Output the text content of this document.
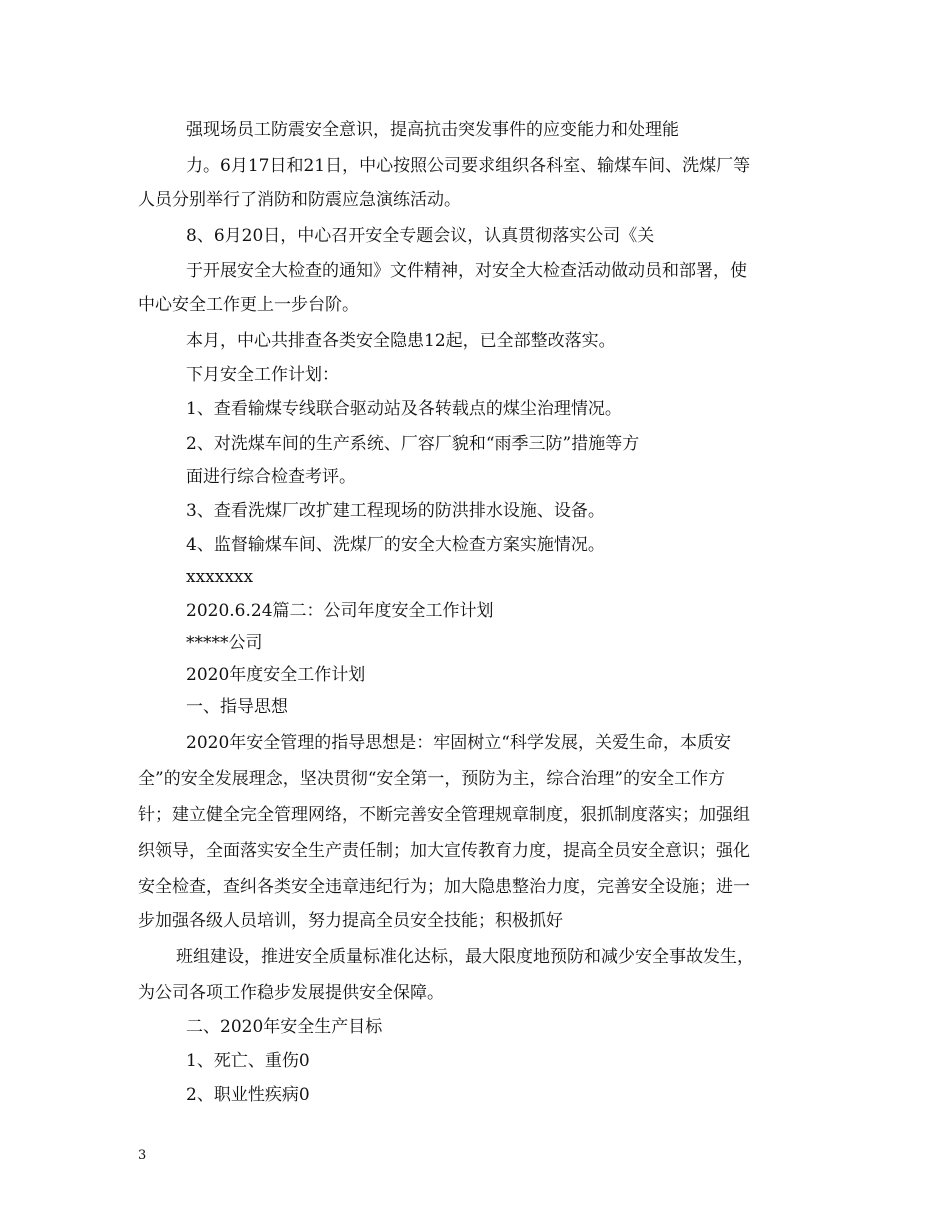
强现场员工防震安全意识，提高抗击突发事件的应变能力和处理能

力。6月17日和21日，中心按照公司要求组织各科室、输煤车间、洗煤厂等

人员分别举行了消防和防震应急演练活动。

8、6月20日，中心召开安全专题会议，认真贯彻落实公司《关

于开展安全大检查的通知》文件精神，对安全大检查活动做动员和部署，使

中心安全工作更上一步台阶。

本月，中心共排查各类安全隐患12起，已全部整改落实。

下月安全工作计划：

1、查看输煤专线联合驱动站及各转载点的煤尘治理情况。

2、对洗煤车间的生产系统、厂容厂貌和“雨季三防”措施等方

面进行综合检查考评。

3、查看洗煤厂改扩建工程现场的防洪排水设施、设备。

4、监督输煤车间、洗煤厂的安全大检查方案实施情况。

xxxxxxx

2020.6.24篇二：公司年度安全工作计划

*****公司

2020年度安全工作计划

一、指导思想

2020年安全管理的指导思想是：牢固树立“科学发展，关爱生命，本质安

全”的安全发展理念，坚决贯彻“安全第一，预防为主，综合治理”的安全工作方

针；建立健全完全管理网络，不断完善安全管理规章制度，狠抓制度落实；加强组

织领导，全面落实安全生产责任制；加大宣传教育力度，提高全员安全意识；强化

安全检查，查纠各类安全违章违纪行为；加大隐患整治力度，完善安全设施；进一

步加强各级人员培训，努力提高全员安全技能；积极抓好

班组建设，推进安全质量标准化达标，最大限度地预防和减少安全事故发生，

为公司各项工作稳步发展提供安全保障。

二、2020年安全生产目标

1、死亡、重伤0

2、职业性疾病0

3
